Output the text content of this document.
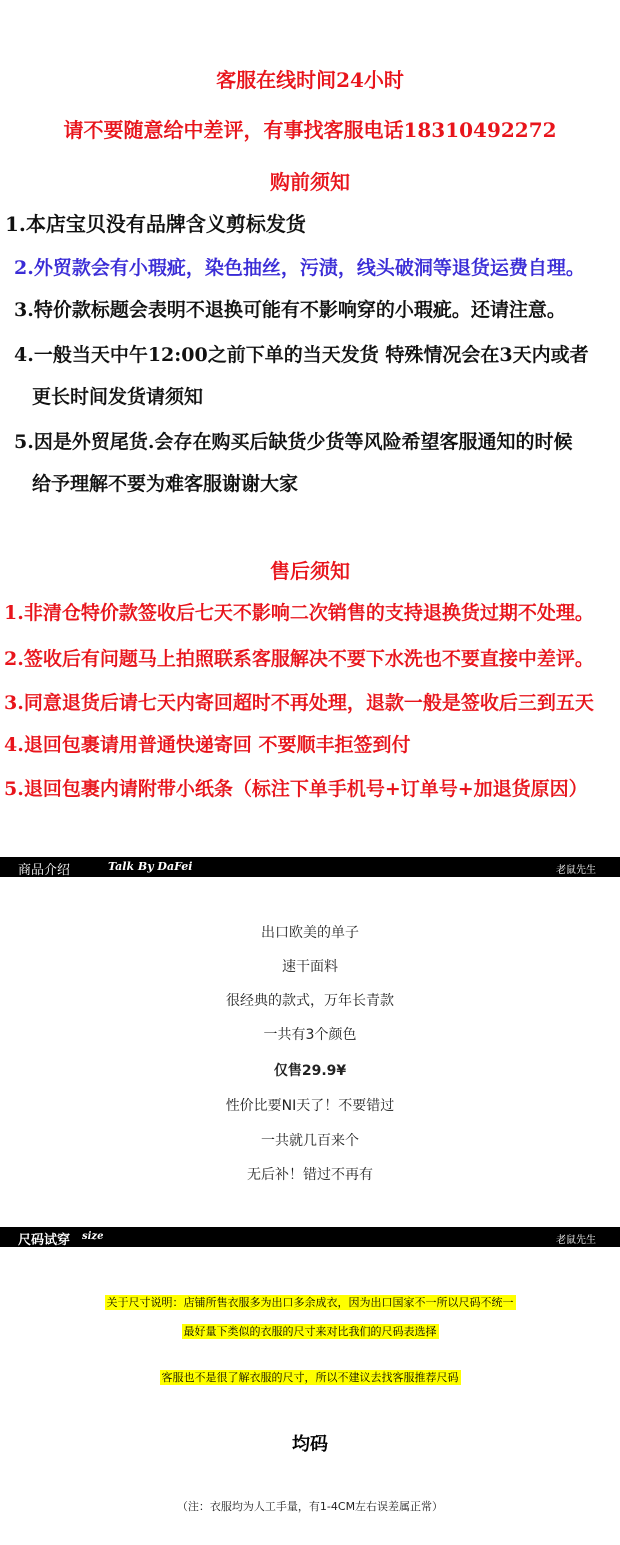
客服在线时间24小时
请不要随意给中差评，有事找客服电话18310492272
购前须知
1.本店宝贝没有品牌含义剪标发货
2.外贸款会有小瑕疵，染色抽丝，污渍，线头破洞等退货运费自理。
3.特价款标题会表明不退换可能有不影响穿的小瑕疵。还请注意。
4.一般当天中午12:00之前下单的当天发货 特殊情况会在3天内或者
更长时间发货请须知
5.因是外贸尾货.会存在购买后缺货少货等风险希望客服通知的时候
给予理解不要为难客服谢谢大家
售后须知
1.非清仓特价款签收后七天不影响二次销售的支持退换货过期不处理。
2.签收后有问题马上拍照联系客服解决不要下水洗也不要直接中差评。
3.同意退货后请七天内寄回超时不再处理，退款一般是签收后三到五天
4.退回包裹请用普通快递寄回 不要顺丰拒签到付
5.退回包裹内请附带小纸条（标注下单手机号+订单号+加退货原因）
商品介绍	Talk By DaFei	老鼠先生
出口欧美的单子
速干面料
很经典的款式，万年长青款
一共有3个颜色
仅售29.9¥
性价比要NI天了！不要错过
一共就几百来个
无后补！错过不再有
尺码试穿 size	老鼠先生
关于尺寸说明：店铺所售衣服多为出口多余成衣，因为出口国家不一所以尺码不统一
最好量下类似的衣服的尺寸来对比我们的尺码表选择
客服也不是很了解衣服的尺寸，所以不建议去找客服推荐尺码
均码
（注：衣服均为人工手量，有1-4CM左右误差属正常）
